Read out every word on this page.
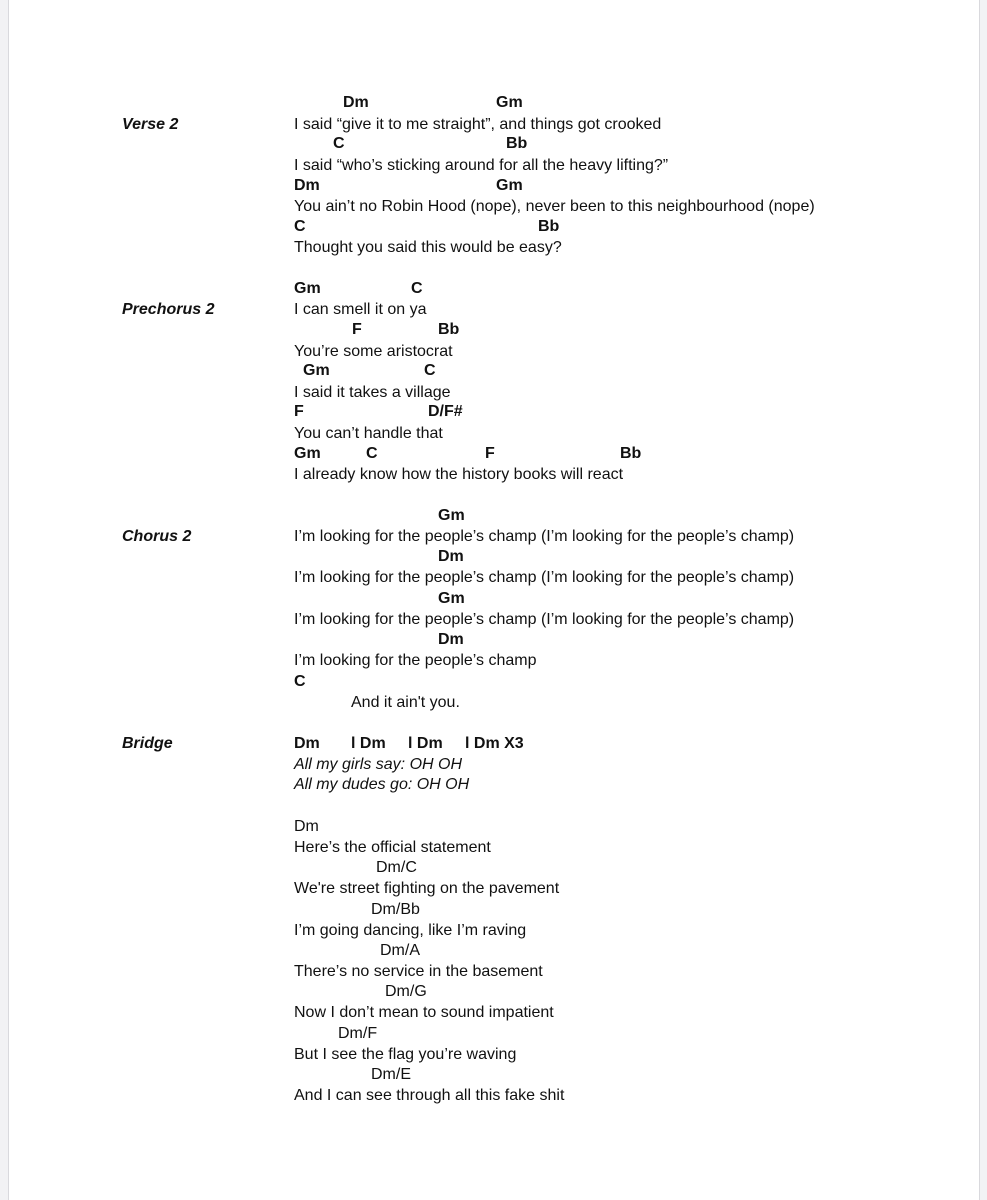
Verse 2
Dm	Gm
I said “give it to me straight”, and things got crooked
C	Bb
I said “who’s sticking around for all the heavy lifting?”
Dm	Gm
You ain’t no Robin Hood (nope), never been to this neighbourhood (nope)
C	Bb
Thought you said this would be easy?
Prechorus 2
Gm	C
I can smell it on ya
F	Bb
You’re some aristocrat
Gm	C
I said it takes a village
F	D/F#
You can’t handle that
Gm	C	F	Bb
I already know how the history books will react
Chorus 2
Gm
I’m looking for the people’s champ (I’m looking for the people’s champ)
Dm
I’m looking for the people’s champ (I’m looking for the people’s champ)
Gm
I’m looking for the people’s champ (I’m looking for the people’s champ)
Dm
I’m looking for the people’s champ
C
And it ain't you.
Bridge	Dm l Dm l Dm l Dm X3
All my girls say: OH OH
All my dudes go: OH OH
Dm
Here’s the official statement
Dm/C
We're street fighting on the pavement
Dm/Bb
I’m going dancing, like I’m raving
Dm/A
There’s no service in the basement
Dm/G
Now I don’t mean to sound impatient
Dm/F
But I see the flag you’re waving
Dm/E
And I can see through all this fake shit
